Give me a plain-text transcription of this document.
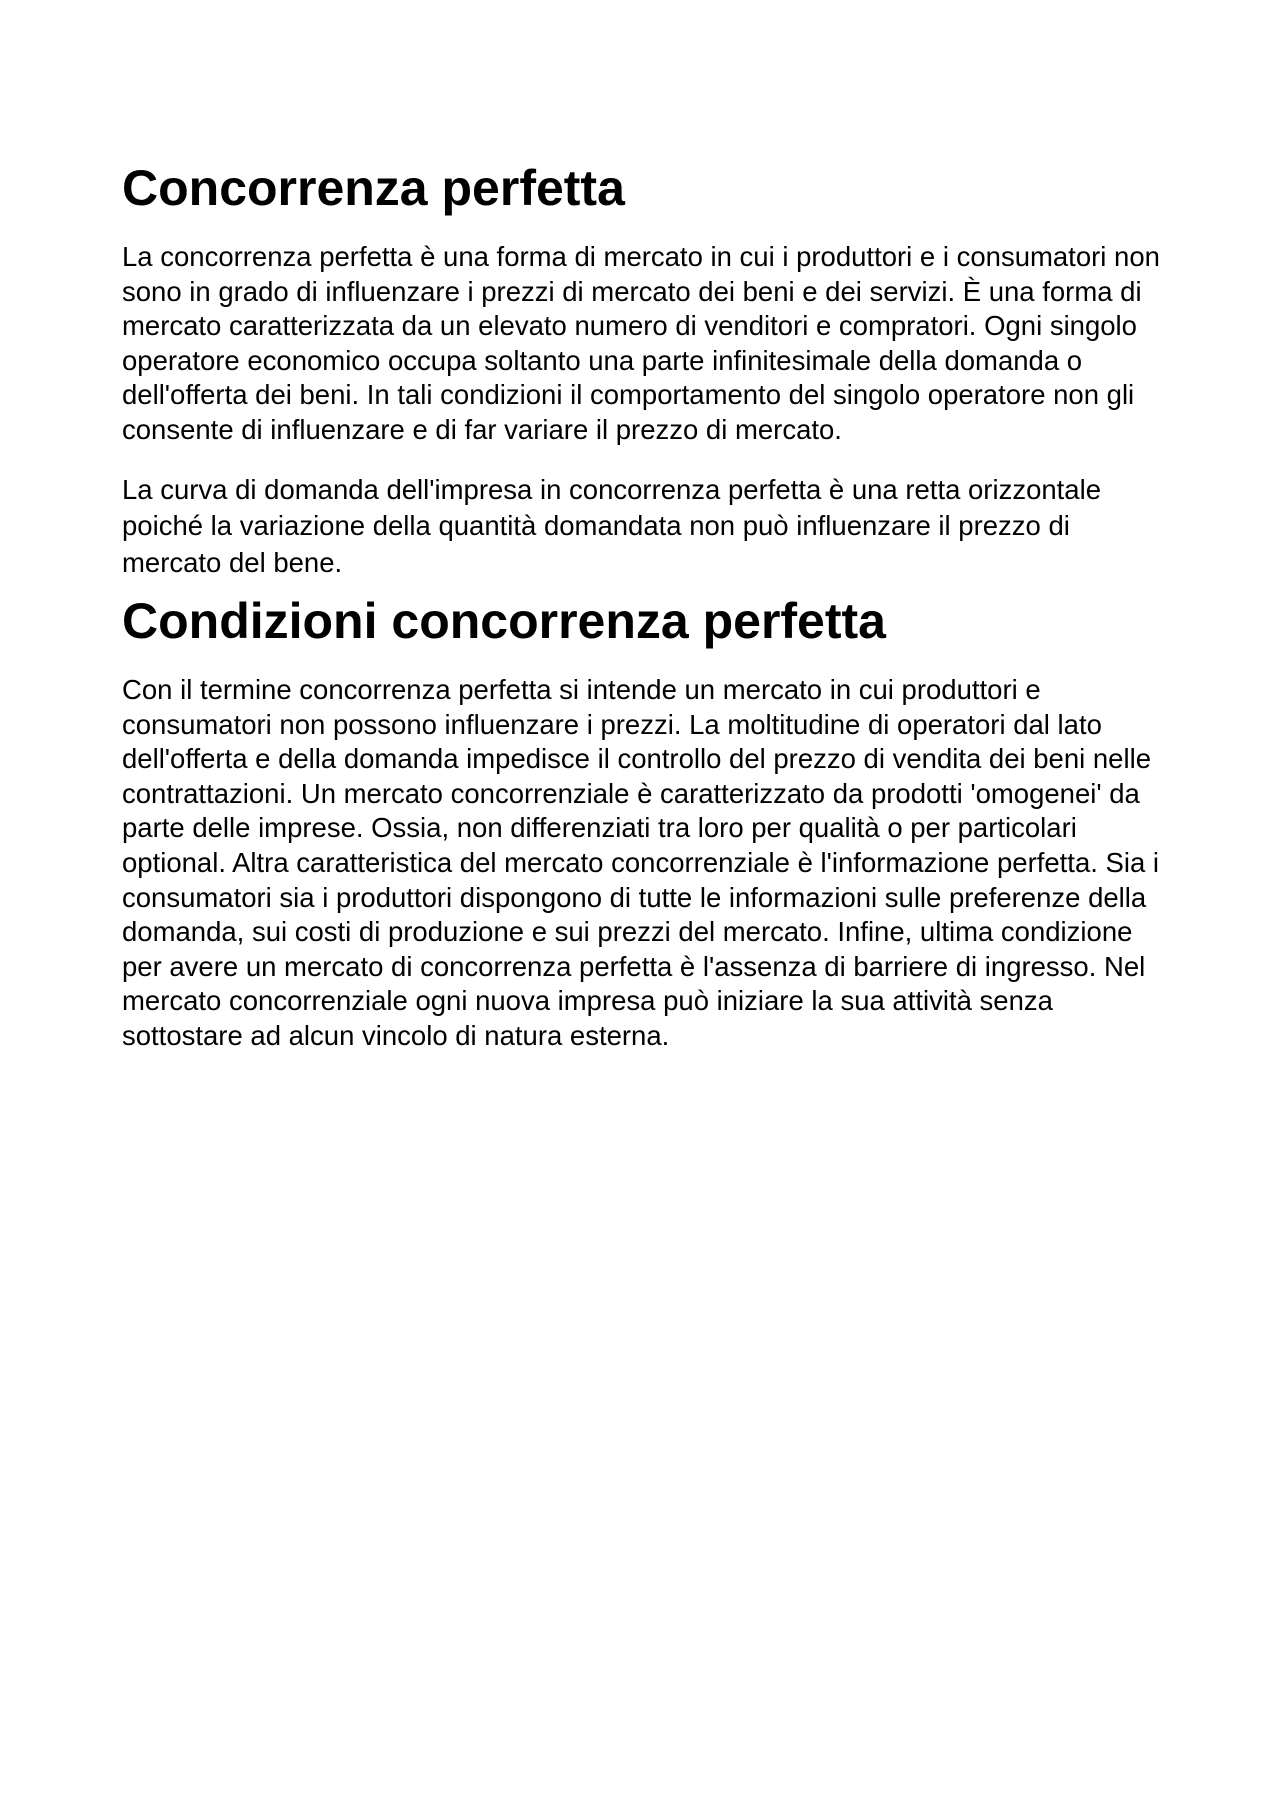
Concorrenza perfetta

La concorrenza perfetta è una forma di mercato in cui i produttori e i consumatori non sono in grado di influenzare i prezzi di mercato dei beni e dei servizi. È una forma di mercato caratterizzata da un elevato numero di venditori e compratori. Ogni singolo operatore economico occupa soltanto una parte infinitesimale della domanda o dell'offerta dei beni. In tali condizioni il comportamento del singolo operatore non gli consente di influenzare e di far variare il prezzo di mercato.

La curva di domanda dell'impresa in concorrenza perfetta è una retta orizzontale poiché la variazione della quantità domandata non può influenzare il prezzo di mercato del bene.

Condizioni concorrenza perfetta

Con il termine concorrenza perfetta si intende un mercato in cui produttori e consumatori non possono influenzare i prezzi. La moltitudine di operatori dal lato dell'offerta e della domanda impedisce il controllo del prezzo di vendita dei beni nelle contrattazioni. Un mercato concorrenziale è caratterizzato da prodotti 'omogenei' da parte delle imprese. Ossia, non differenziati tra loro per qualità o per particolari optional. Altra caratteristica del mercato concorrenziale è l'informazione perfetta. Sia i consumatori sia i produttori dispongono di tutte le informazioni sulle preferenze della domanda, sui costi di produzione e sui prezzi del mercato. Infine, ultima condizione per avere un mercato di concorrenza perfetta è l'assenza di barriere di ingresso. Nel mercato concorrenziale ogni nuova impresa può iniziare la sua attività senza sottostare ad alcun vincolo di natura esterna.
